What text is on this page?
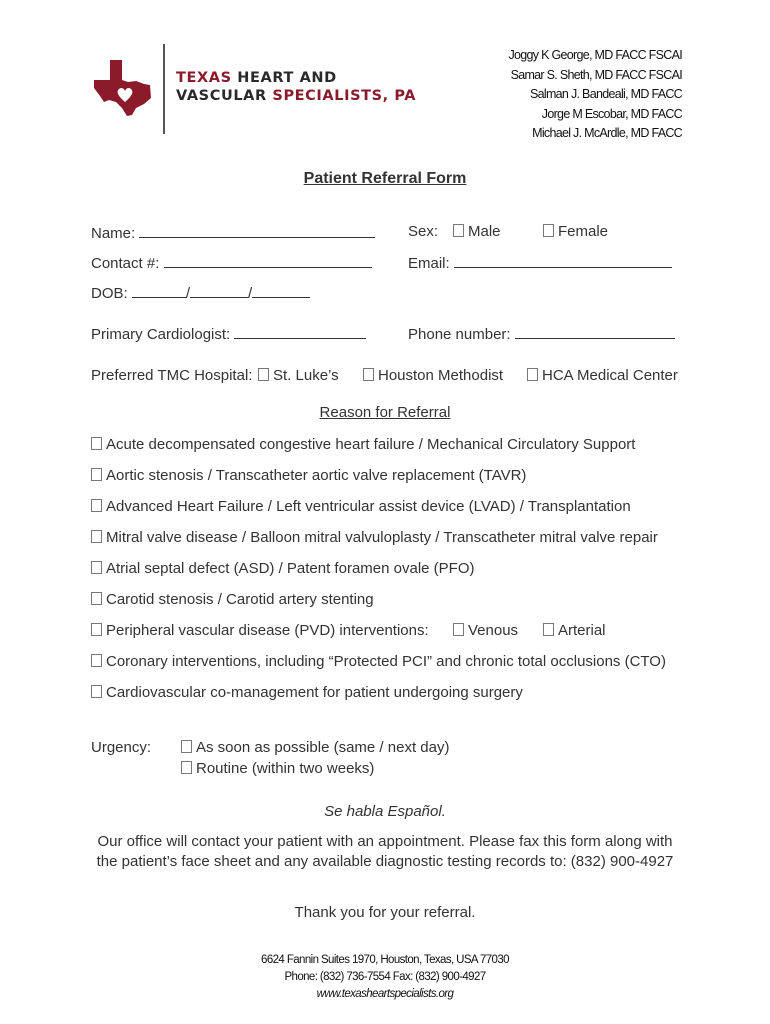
TEXAS HEART AND
VASCULAR SPECIALISTS, PA
Joggy K George, MD FACC FSCAI
Samar S. Sheth, MD FACC FSCAI
Salman J. Bandeali, MD FACC
Jorge M Escobar, MD FACC
Michael J. McArdle, MD FACC
Patient Referral Form
Name:	Sex:	Male	Female
Contact #:	Email:
DOB:	/	/
Primary Cardiologist:	Phone number:
Preferred TMC Hospital:	St. Luke’s	Houston Methodist	HCA Medical Center
Reason for Referral
Acute decompensated congestive heart failure / Mechanical Circulatory Support
Aortic stenosis / Transcatheter aortic valve replacement (TAVR)
Advanced Heart Failure / Left ventricular assist device (LVAD) / Transplantation
Mitral valve disease / Balloon mitral valvuloplasty / Transcatheter mitral valve repair
Atrial septal defect (ASD) / Patent foramen ovale (PFO)
Carotid stenosis / Carotid artery stenting
Peripheral vascular disease (PVD) interventions:	Venous	Arterial
Coronary interventions, including “Protected PCI” and chronic total occlusions (CTO)
Cardiovascular co-management for patient undergoing surgery
Urgency:	As soon as possible (same / next day)
Routine (within two weeks)
Se habla Español.
Our office will contact your patient with an appointment. Please fax this form along with
the patient’s face sheet and any available diagnostic testing records to: (832) 900-4927
Thank you for your referral.
6624 Fannin Suites 1970, Houston, Texas, USA 77030
Phone: (832) 736-7554 Fax: (832) 900-4927
www.texasheartspecialists.org
